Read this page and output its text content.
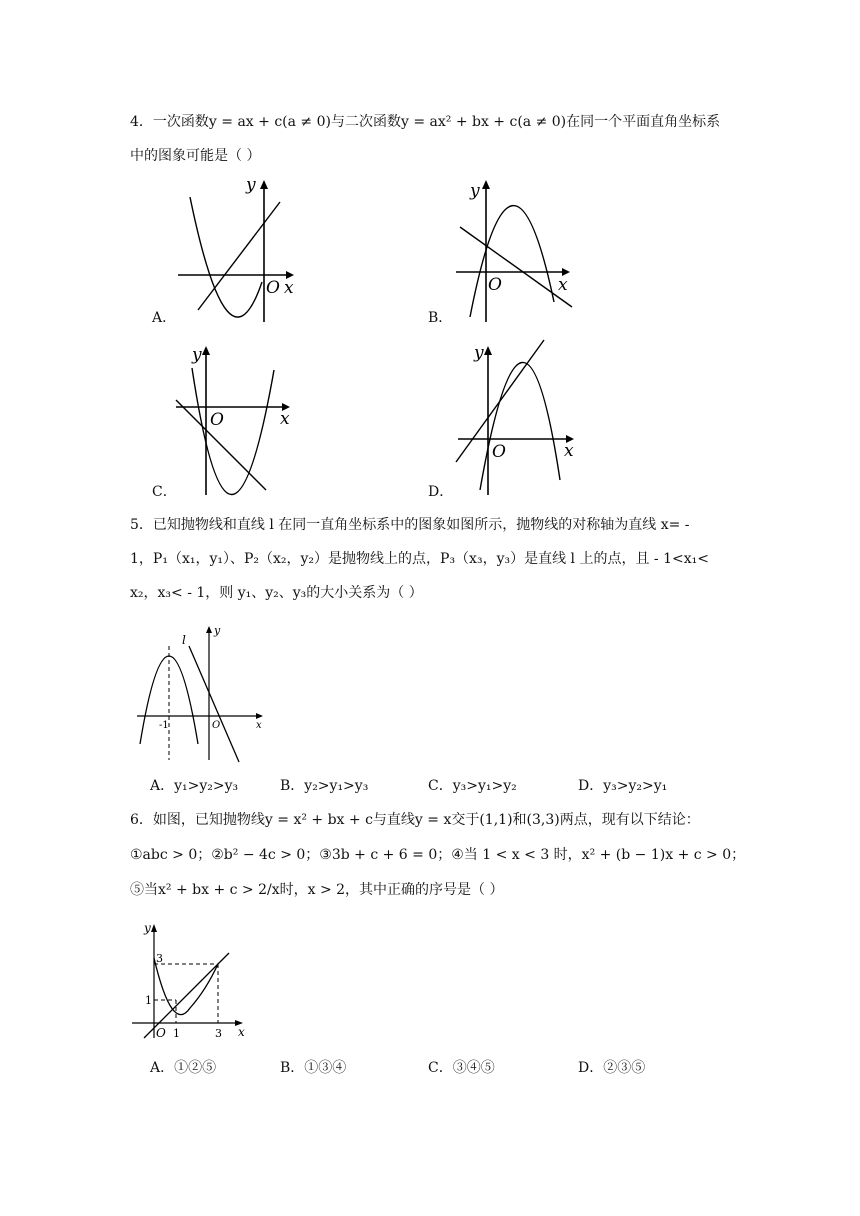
4．一次函数y = ax + c(a ≠ 0)与二次函数y = ax² + bx + c(a ≠ 0)在同一个平面直角坐标系
中的图象可能是（ ）
y
O x
A．
y
O	x
B．
y
O	x
C．
y
O	x
D．
5．已知抛物线和直线 l 在同一直角坐标系中的图象如图所示，抛物线的对称轴为直线 x= -
1，P₁（x₁，y₁）、P₂（x₂，y₂）是抛物线上的点，P₃（x₃，y₃）是直线 l 上的点，且 - 1<x₁<
x₂，x₃< - 1，则 y₁、y₂、y₃的大小关系为（ ）
l
y
-1	O	x
A．y₁>y₂>y₃	B．y₂>y₁>y₃	C．y₃>y₁>y₂	D．y₃>y₂>y₁
6．如图，已知抛物线y = x² + bx + c与直线y = x交于(1,1)和(3,3)两点，现有以下结论：
①abc > 0；②b² − 4c > 0；③3b + c + 6 = 0；④当 1 < x < 3 时，x² + (b − 1)x + c > 0；
⑤当x² + bx + c > 2/x时，x > 2，其中正确的序号是（ ）
y
3
1
O 1	3 x
A．①②⑤	B．①③④	C．③④⑤	D．②③⑤
